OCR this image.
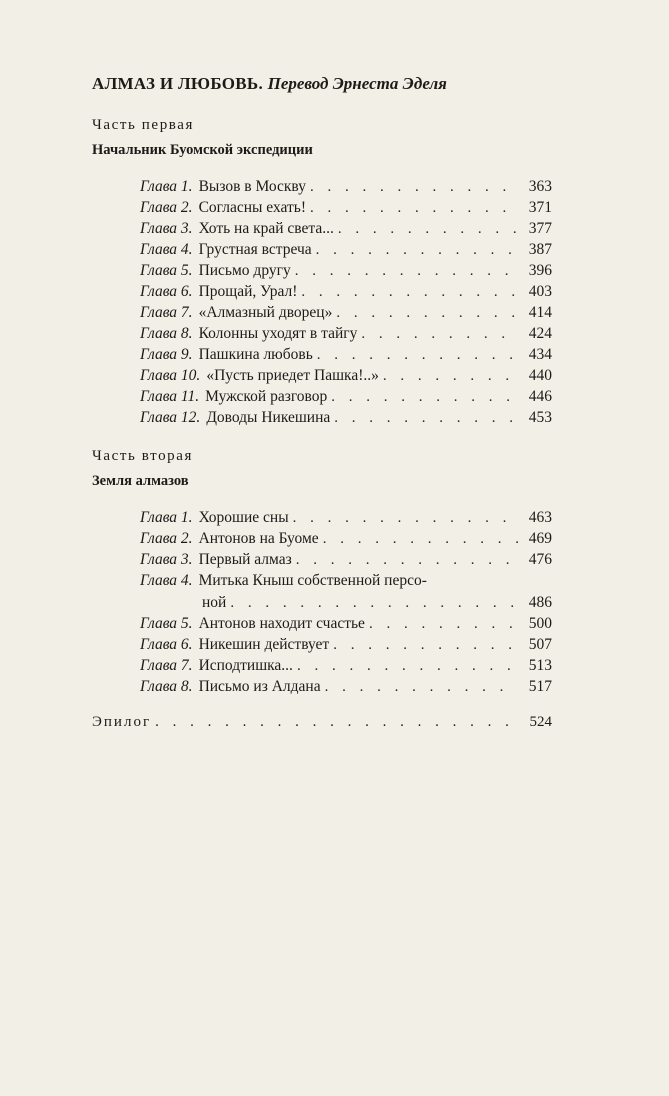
АЛМАЗ И ЛЮБОВЬ. Перевод Эрнеста Эделя
Часть первая
Начальник Буомской экспедиции
Глава 1. Вызов в Москву . . .	363
Глава 2. Согласны ехать! . . .	371
Глава 3. Хоть на край света... . . .	377
Глава 4. Грустная встреча . . .	387
Глава 5. Письмо другу . . .	396
Глава 6. Прощай, Урал! . . .	403
Глава 7. «Алмазный дворец» . . .	414
Глава 8. Колонны уходят в тайгу . . .	424
Глава 9. Пашкина любовь . . .	434
Глава 10. «Пусть приедет Пашка!..» . . .	440
Глава 11. Мужской разговор . . .	446
Глава 12. Доводы Никешина . . .	453
Часть вторая
Земля алмазов
Глава 1. Хорошие сны . . .	463
Глава 2. Антонов на Буоме . . .	469
Глава 3. Первый алмаз . . .	476
Глава 4. Митька Кныш собственной персо-
ной . . .	486
Глава 5. Антонов находит счастье . . .	500
Глава 6. Никешин действует . . .	507
Глава 7. Исподтишка... . . .	513
Глава 8. Письмо из Алдана . . .	517
Эпилог . . .	524
